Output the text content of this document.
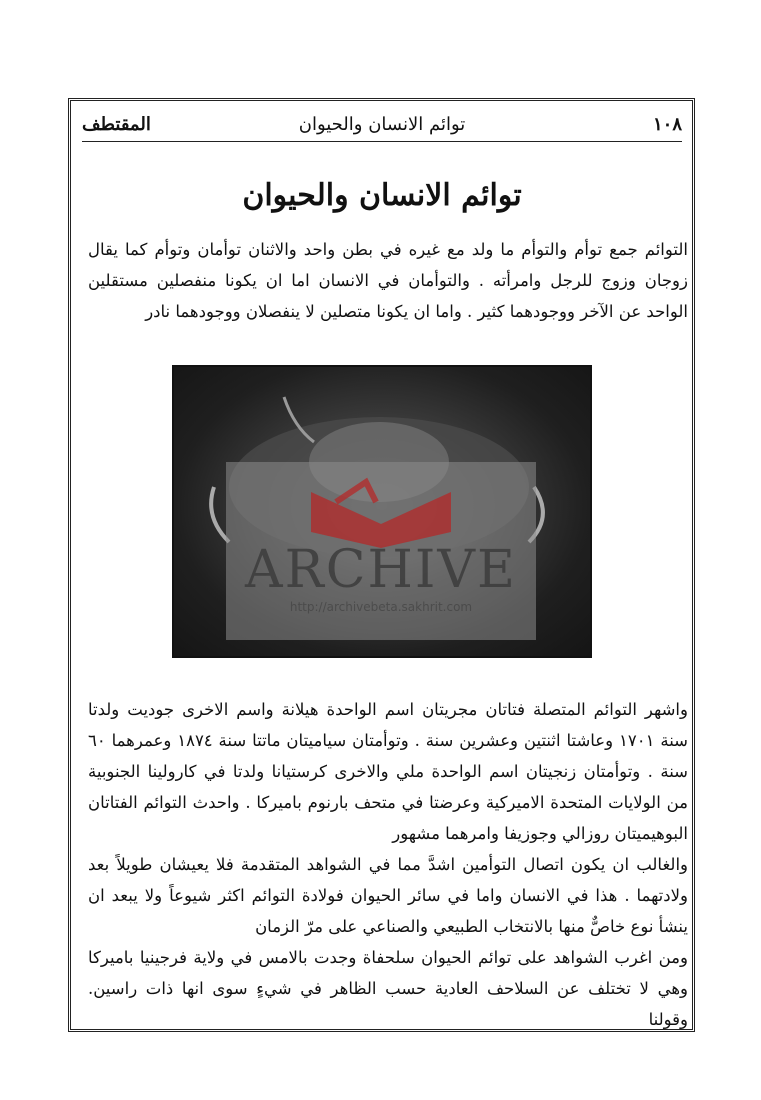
١٠٨
توائم الانسان والحيوان
المقتطف
توائم الانسان والحيوان

التوائم جمع توأم والتوأم ما ولد مع غيره في بطن واحد والاثنان توأمان وتوأم كما يقال زوجان وزوج للرجل وامرأته . والتوأمان في الانسان اما ان يكونا منفصلين مستقلين الواحد عن الآخر ووجودهما كثير . واما ان يكونا متصلين لا ينفصلان ووجودهما نادر

ARCHIVE
http://archivebeta.sakhrit.com

واشهر التوائم المتصلة فتاتان مجريتان اسم الواحدة هيلانة واسم الاخرى جوديت ولدتا سنة ١٧٠١ وعاشتا اثنتين وعشرين سنة . وتوأمتان سياميتان ماتتا سنة ١٨٧٤ وعمرهما ٦٠ سنة . وتوأمتان زنجيتان اسم الواحدة ملي والاخرى كرستيانا ولدتا في كارولينا الجنوبية من الولايات المتحدة الاميركية وعرضتا في متحف بارنوم باميركا . واحدث التوائم الفتاتان البوهيميتان روزالي وجوزيفا وامرهما مشهور

والغالب ان يكون اتصال التوأمين اشدَّ مما في الشواهد المتقدمة فلا يعيشان طويلاً بعد ولادتهما . هذا في الانسان واما في سائر الحيوان فولادة التوائم اكثر شيوعاً ولا يبعد ان ينشأ نوع خاصٌّ منها بالانتخاب الطبيعي والصناعي على مرّ الزمان

ومن اغرب الشواهد على توائم الحيوان سلحفاة وجدت بالامس في ولاية فرجينيا باميركا وهي لا تختلف عن السلاحف العادية حسب الظاهر في شيءٍ سوى انها ذات راسين. وقولنا
